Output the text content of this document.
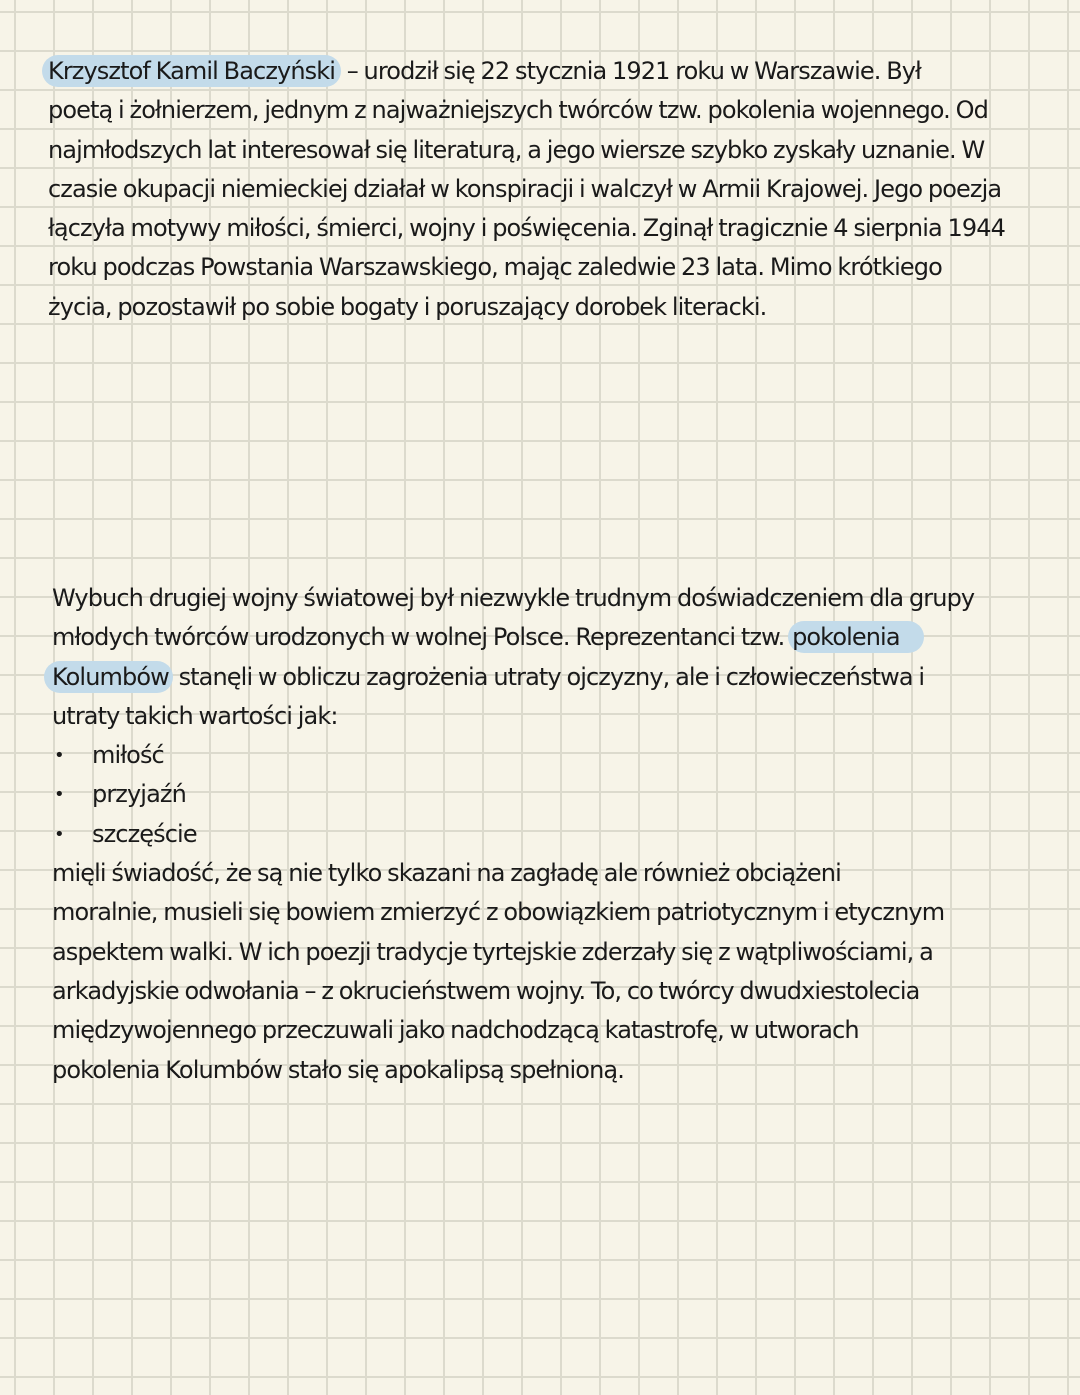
Krzysztof Kamil Baczyński – urodził się 22 stycznia 1921 roku w Warszawie. Był
poetą i żołnierzem, jednym z najważniejszych twórców tzw. pokolenia wojennego. Od
najmłodszych lat interesował się literaturą, a jego wiersze szybko zyskały uznanie. W
czasie okupacji niemieckiej działał w konspiracji i walczył w Armii Krajowej. Jego poezja
łączyła motywy miłości, śmierci, wojny i poświęcenia. Zginął tragicznie 4 sierpnia 1944
roku podczas Powstania Warszawskiego, mając zaledwie 23 lata. Mimo krótkiego
życia, pozostawił po sobie bogaty i poruszający dorobek literacki.
Wybuch drugiej wojny światowej był niezwykle trudnym doświadczeniem dla grupy
młodych twórców urodzonych w wolnej Polsce. Reprezentanci tzw. pokolenia
Kolumbów stanęli w obliczu zagrożenia utraty ojczyzny, ale i człowieczeństwa i
utraty takich wartości jak:
• miłość
• przyjaźń
• szczęście
mięli świadość, że są nie tylko skazani na zagładę ale również obciążeni
moralnie, musieli się bowiem zmierzyć z obowiązkiem patriotycznym i etycznym
aspektem walki. W ich poezji tradycje tyrtejskie zderzały się z wątpliwościami, a
arkadyjskie odwołania – z okrucieństwem wojny. To, co twórcy dwudxiestolecia
międzywojennego przeczuwali jako nadchodzącą katastrofę, w utworach
pokolenia Kolumbów stało się apokalipsą spełnioną.
